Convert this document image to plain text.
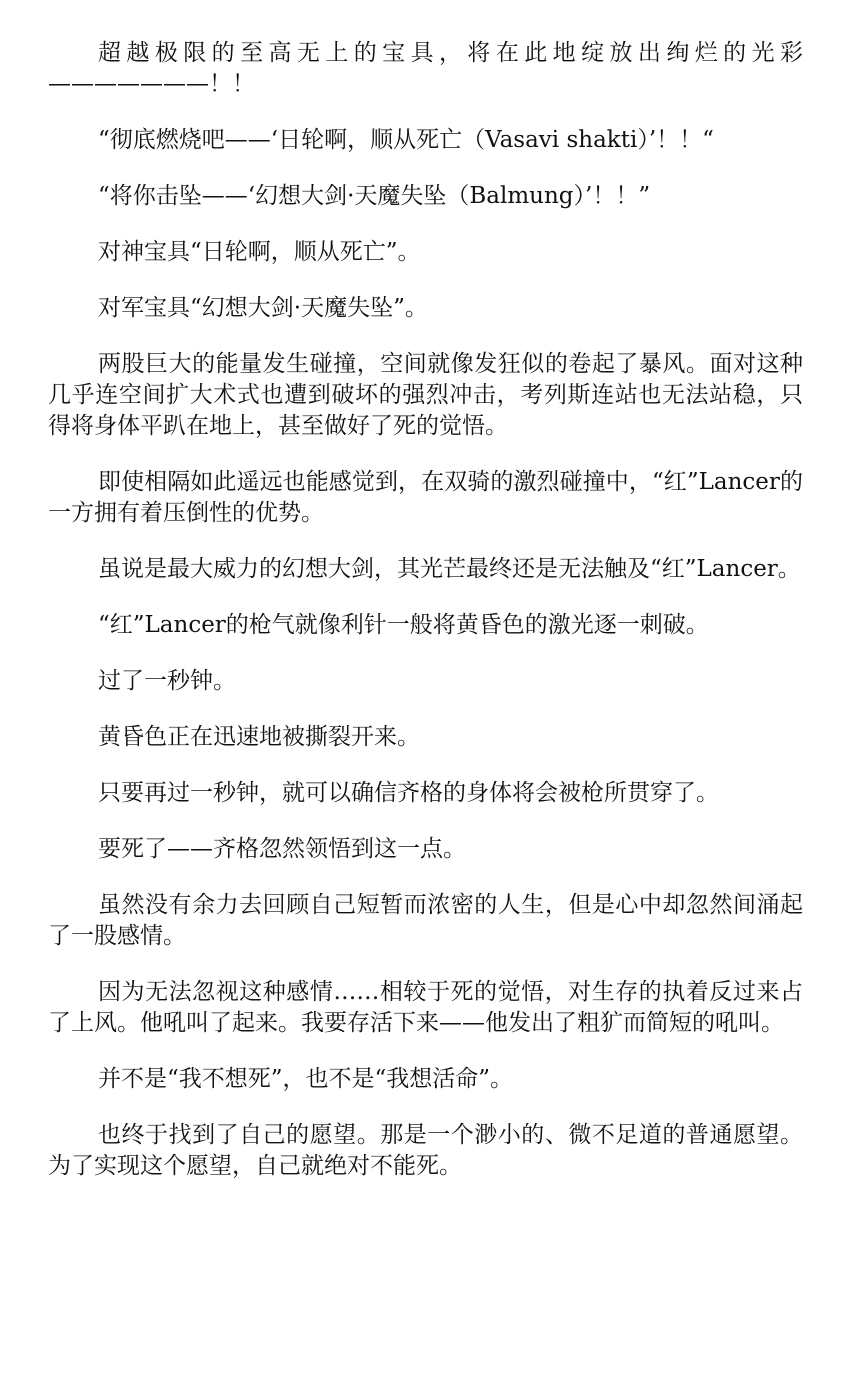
超越极限的至高无上的宝具，将在此地绽放出绚烂的光彩———————！！

“彻底燃烧吧——‘日轮啊，顺从死亡（Vasavi shakti）’！！“

“将你击坠——‘幻想大剑·天魔失坠（Balmung）’！！”

对神宝具“日轮啊，顺从死亡”。

对军宝具“幻想大剑·天魔失坠”。

两股巨大的能量发生碰撞，空间就像发狂似的卷起了暴风。面对这种几乎连空间扩大术式也遭到破坏的强烈冲击，考列斯连站也无法站稳，只得将身体平趴在地上，甚至做好了死的觉悟。

即使相隔如此遥远也能感觉到，在双骑的激烈碰撞中，“红”Lancer的一方拥有着压倒性的优势。

虽说是最大威力的幻想大剑，其光芒最终还是无法触及“红”Lancer。

“红”Lancer的枪气就像利针一般将黄昏色的激光逐一刺破。

过了一秒钟。

黄昏色正在迅速地被撕裂开来。

只要再过一秒钟，就可以确信齐格的身体将会被枪所贯穿了。

要死了——齐格忽然领悟到这一点。

虽然没有余力去回顾自己短暂而浓密的人生，但是心中却忽然间涌起了一股感情。

因为无法忽视这种感情……相较于死的觉悟，对生存的执着反过来占了上风。他吼叫了起来。我要存活下来——他发出了粗犷而简短的吼叫。

并不是“我不想死”，也不是“我想活命”。

也终于找到了自己的愿望。那是一个渺小的、微不足道的普通愿望。为了实现这个愿望，自己就绝对不能死。
